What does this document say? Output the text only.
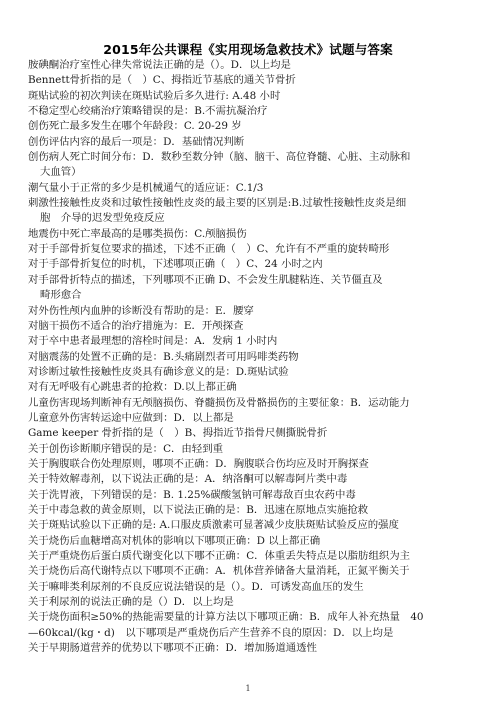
2015年公共课程《实用现场急救技术》试题与答案
胺碘酮治疗室性心律失常说法正确的是（）。D．以上均是
Bennett骨折指的是（　）C、拇指近节基底的通关节骨折
斑贴试验的初次判读在斑贴试验后多久进行: A.48 小时
不稳定型心绞痛治疗策略错误的是：B.不需抗凝治疗
创伤死亡最多发生在哪个年龄段：C. 20-29 岁
创伤评估内容的最后一项是：D．基础情况判断
创伤病人死亡时间分布：D．数秒至数分钟（脑、脑干、高位脊髓、心脏、主动脉和
大血管）
潮气量小于正常的多少是机械通气的适应证：C.1/3
刺激性接触性皮炎和过敏性接触性皮炎的最主要的区别是:B.过敏性接触性皮炎是细
胞　介导的迟发型免疫反应
地震伤中死亡率最高的是哪类损伤：C.颅脑损伤
对于手部骨折复位要求的描述，下述不正确（　）C、允许有不严重的旋转畸形
对于手部骨折复位的时机，下述哪项正确（　）C、24 小时之内
对手部骨折特点的描述，下列哪项不正确 D、不会发生肌腱粘连、关节僵直及
畸形愈合
对外伤性颅内血肿的诊断没有帮助的是：E．腰穿
对脑干损伤不适合的治疗措施为：E．开颅探查
对于卒中患者最理想的溶栓时间是：A．发病 1 小时内
对脑震荡的处置不正确的是：B.头痛剧烈者可用吗啡类药物
对诊断过敏性接触性皮炎具有确诊意义的是：D.斑贴试验
对有无呼吸有心跳患者的抢救：D.以上都正确
儿童伤害现场判断神有无颅脑损伤、脊髓损伤及骨骼损伤的主要征象：B．运动能力
儿童意外伤害转运途中应做到：D．以上都是
Game keeper 骨折指的是（　）B、拇指近节指骨尺侧撕脱骨折
关于创伤诊断顺序错误的是：C．由轻到重
关于胸腹联合伤处理原则，哪项不正确：D．胸腹联合伤均应及时开胸探查
关于特效解毒剂，以下说法正确的是：A．纳洛酮可以解毒阿片类中毒
关于洗胃液，下列错误的是：B. 1.25%碳酸氢钠可解毒敌百虫农药中毒
关于中毒急救的黄金原则，以下说法正确的是：B．迅速在原地点实施抢救
关于斑贴试验以下正确的是: A.口服皮质激素可显著减少皮肤斑贴试验反应的强度
关于烧伤后血糖增高对机体的影响以下哪项正确：D 以上都正确
关于严重烧伤后蛋白质代谢变化以下哪不正确：C．体重丢失特点是以脂肪组织为主
关于烧伤后高代谢特点以下哪项不正确：A．机体营养储备大量消耗，正氮平衡关于
关于嘛啡类利尿剂的不良反应说法错误的是（）。D．可诱发高血压的发生
关于利尿剂的说法正确的是（）D．以上均是
关于烧伤面积≥50%的热能需要量的计算方法以下哪项正确：B．成年人补充热量　40
—60kcal/(kg・d)　以下哪项是严重烧伤后产生营养不良的原因：D．以上均是
关于早期肠道营养的优势以下哪项不正确：D．增加肠道通透性
1
